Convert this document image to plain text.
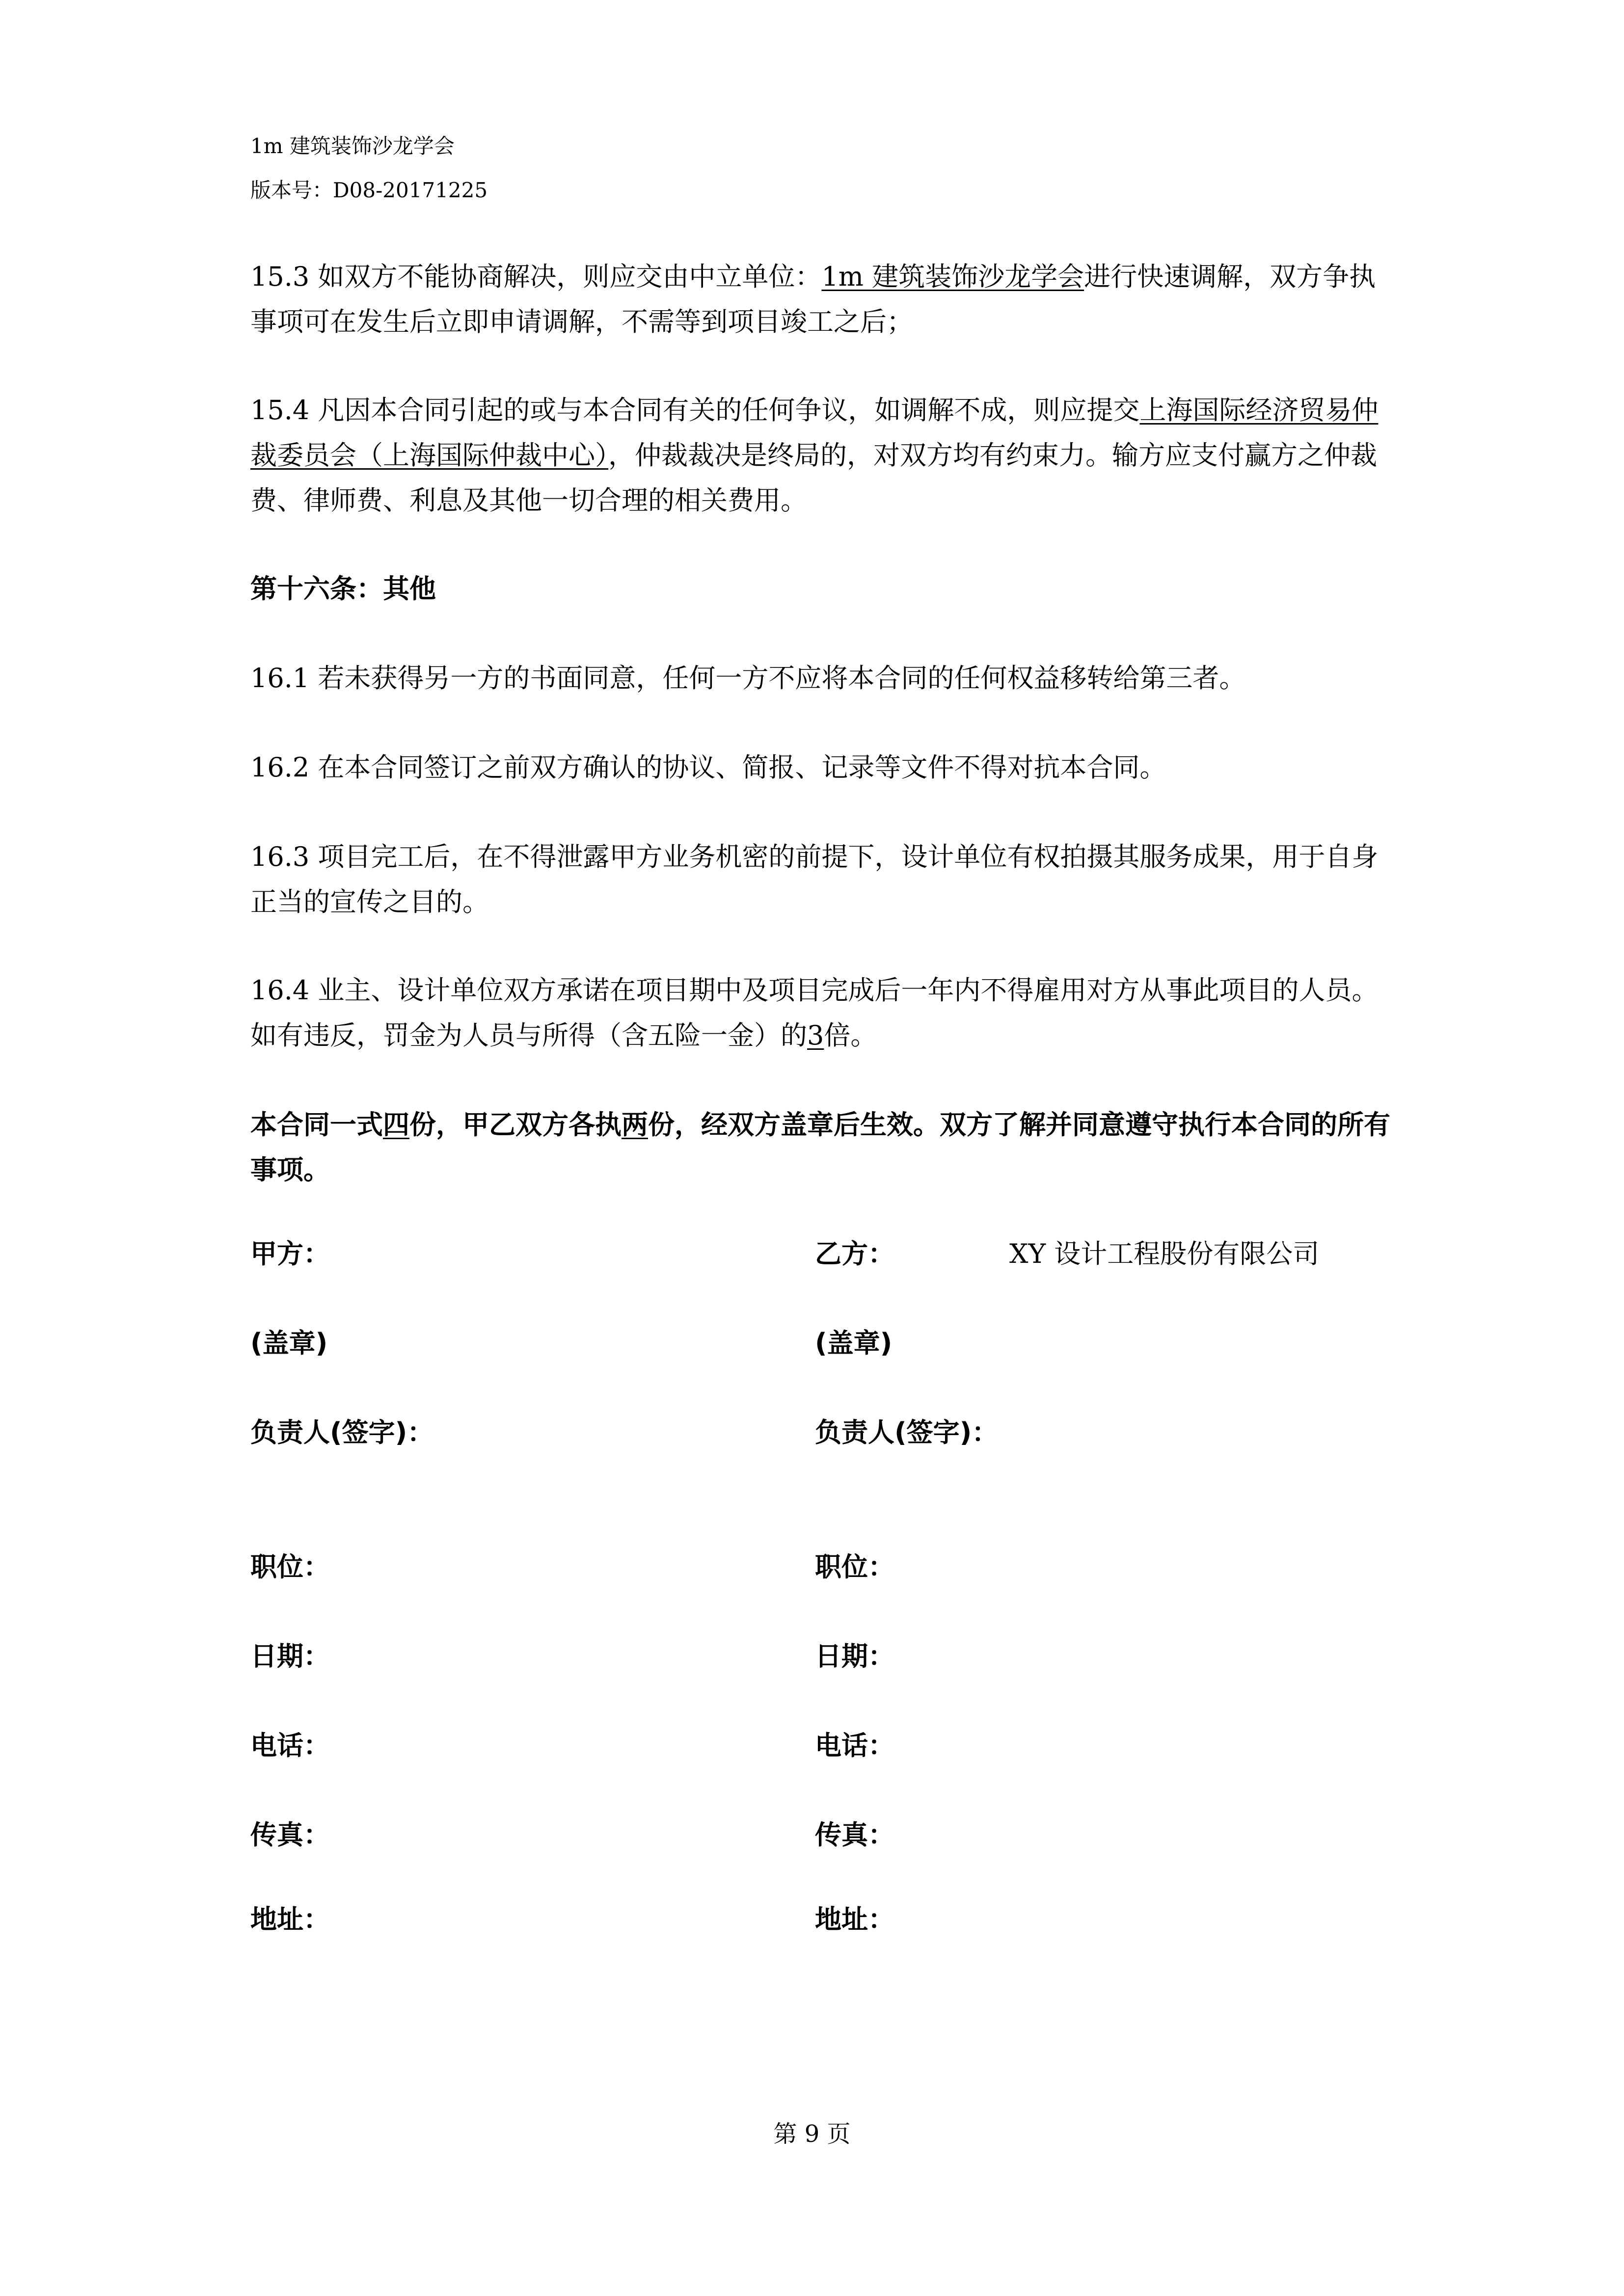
1m 建筑装饰沙龙学会
版本号：D08-20171225

15.3 如双方不能协商解决，则应交由中立单位：1m 建筑装饰沙龙学会进行快速调解，双方争执事项可在发生后立即申请调解，不需等到项目竣工之后；

15.4 凡因本合同引起的或与本合同有关的任何争议，如调解不成，则应提交上海国际经济贸易仲裁委员会（上海国际仲裁中心），仲裁裁决是终局的，对双方均有约束力。输方应支付赢方之仲裁费、律师费、利息及其他一切合理的相关费用。

第十六条：其他

16.1 若未获得另一方的书面同意，任何一方不应将本合同的任何权益移转给第三者。

16.2 在本合同签订之前双方确认的协议、简报、记录等文件不得对抗本合同。

16.3 项目完工后，在不得泄露甲方业务机密的前提下，设计单位有权拍摄其服务成果，用于自身正当的宣传之目的。

16.4 业主、设计单位双方承诺在项目期中及项目完成后一年内不得雇用对方从事此项目的人员。如有违反，罚金为人员与所得（含五险一金）的3倍。

本合同一式四份，甲乙双方各执两份，经双方盖章后生效。双方了解并同意遵守执行本合同的所有事项。

甲方：
(盖章)
负责人(签字)：
职位：
日期：
电话：
传真：
地址：
乙方：	XY 设计工程股份有限公司
(盖章)
负责人(签字)：
职位：
日期：
电话：
传真：
地址：
第 9 页
